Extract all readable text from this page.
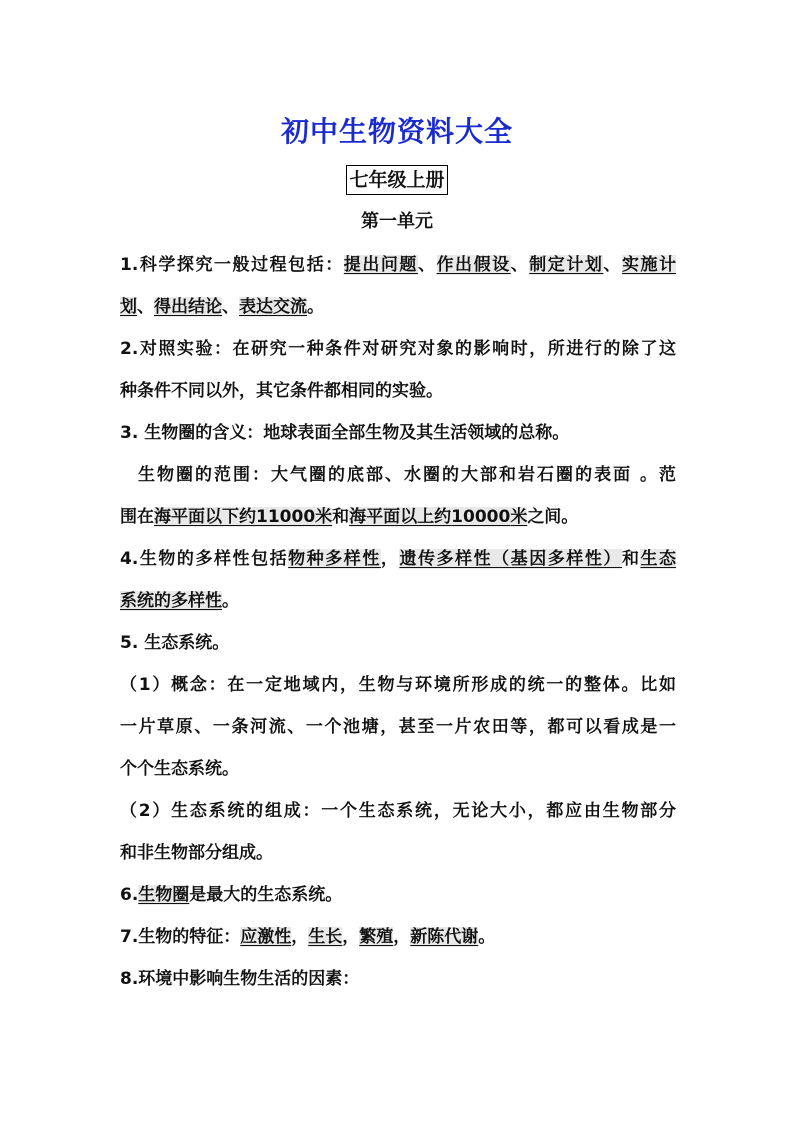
初中生物资料大全
七年级上册
第一单元
1.科学探究一般过程包括：提出问题、作出假设、制定计划、实施计
划、得出结论、表达交流。
2.对照实验：在研究一种条件对研究对象的影响时，所进行的除了这
种条件不同以外，其它条件都相同的实验。
3. 生物圈的含义：地球表面全部生物及其生活领域的总称。
生物圈的范围：大气圈的底部、水圈的大部和岩石圈的表面 。范
围在海平面以下约11000米和海平面以上约10000米之间。
4.生物的多样性包括物种多样性，遗传多样性（基因多样性）和生态
系统的多样性。
5. 生态系统。
（1）概念：在一定地域内，生物与环境所形成的统一的整体。比如
一片草原、一条河流、一个池塘，甚至一片农田等，都可以看成是一
个个生态系统。
（2）生态系统的组成：一个生态系统，无论大小，都应由生物部分
和非生物部分组成。
6.生物圈是最大的生态系统。
7.生物的特征：应激性，生长，繁殖，新陈代谢。
8.环境中影响生物生活的因素：
